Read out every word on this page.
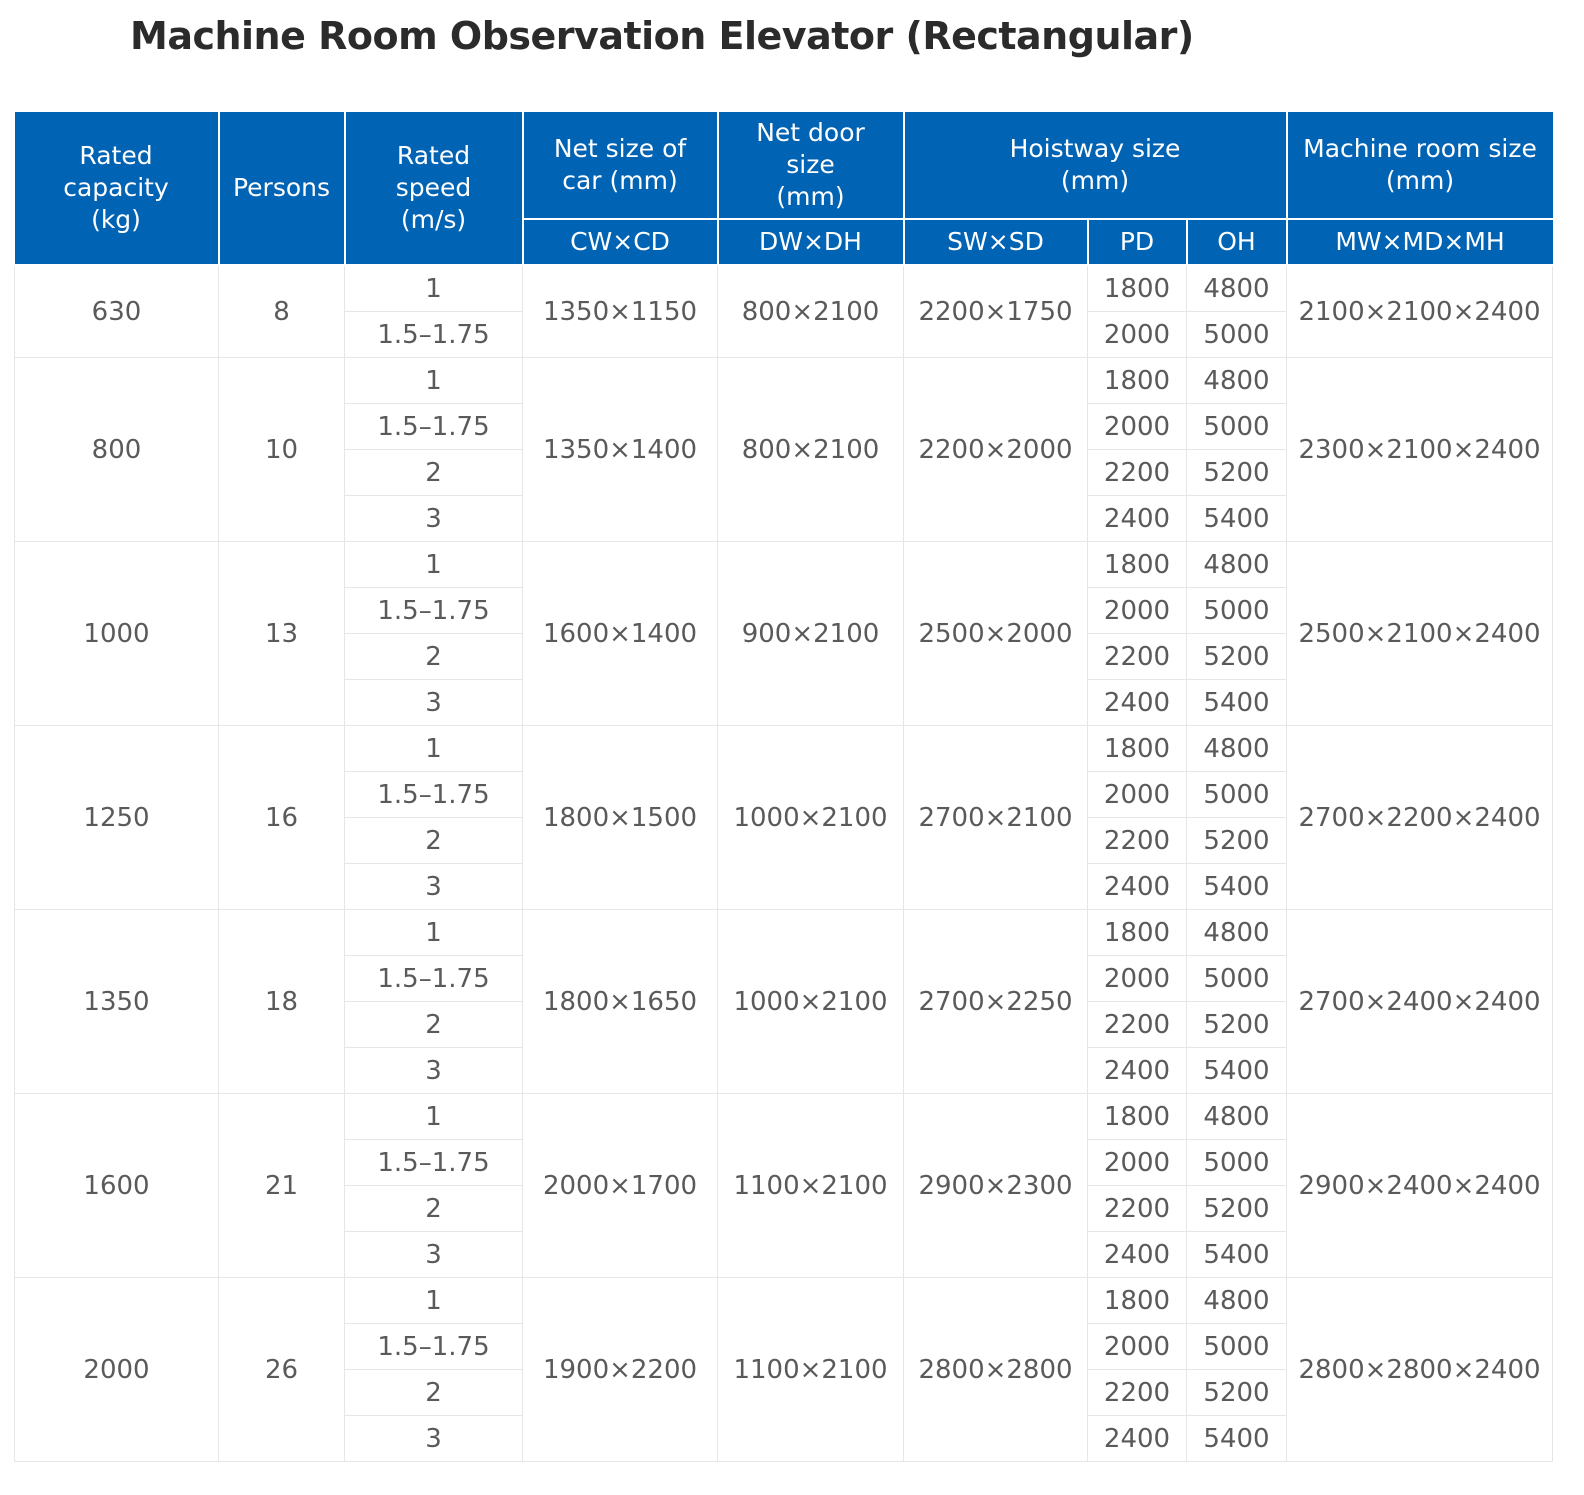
Machine Room Observation Elevator (Rectangular)
Rated capacity (kg)	Persons	Rated speed (m/s)	Net size of car (mm)	Net door size (mm)	Hoistway size (mm)			Machine room size (mm)
			CW×CD	DW×DH	SW×SD	PD	OH	MW×MD×MH
630	8	1	1350×1150	800×2100	2200×1750	1800	4800	2100×2100×2400
		1.5–1.75				2000	5000	
800	10	1	1350×1400	800×2100	2200×2000	1800	4800	2300×2100×2400
		1.5–1.75				2000	5000	
		2				2200	5200	
		3				2400	5400	
1000	13	1	1600×1400	900×2100	2500×2000	1800	4800	2500×2100×2400
		1.5–1.75				2000	5000	
		2				2200	5200	
		3				2400	5400	
1250	16	1	1800×1500	1000×2100	2700×2100	1800	4800	2700×2200×2400
		1.5–1.75				2000	5000	
		2				2200	5200	
		3				2400	5400	
1350	18	1	1800×1650	1000×2100	2700×2250	1800	4800	2700×2400×2400
		1.5–1.75				2000	5000	
		2				2200	5200	
		3				2400	5400	
1600	21	1	2000×1700	1100×2100	2900×2300	1800	4800	2900×2400×2400
		1.5–1.75				2000	5000	
		2				2200	5200	
		3				2400	5400	
2000	26	1	1900×2200	1100×2100	2800×2800	1800	4800	2800×2800×2400
		1.5–1.75				2000	5000	
		2				2200	5200	
		3				2400	5400	
